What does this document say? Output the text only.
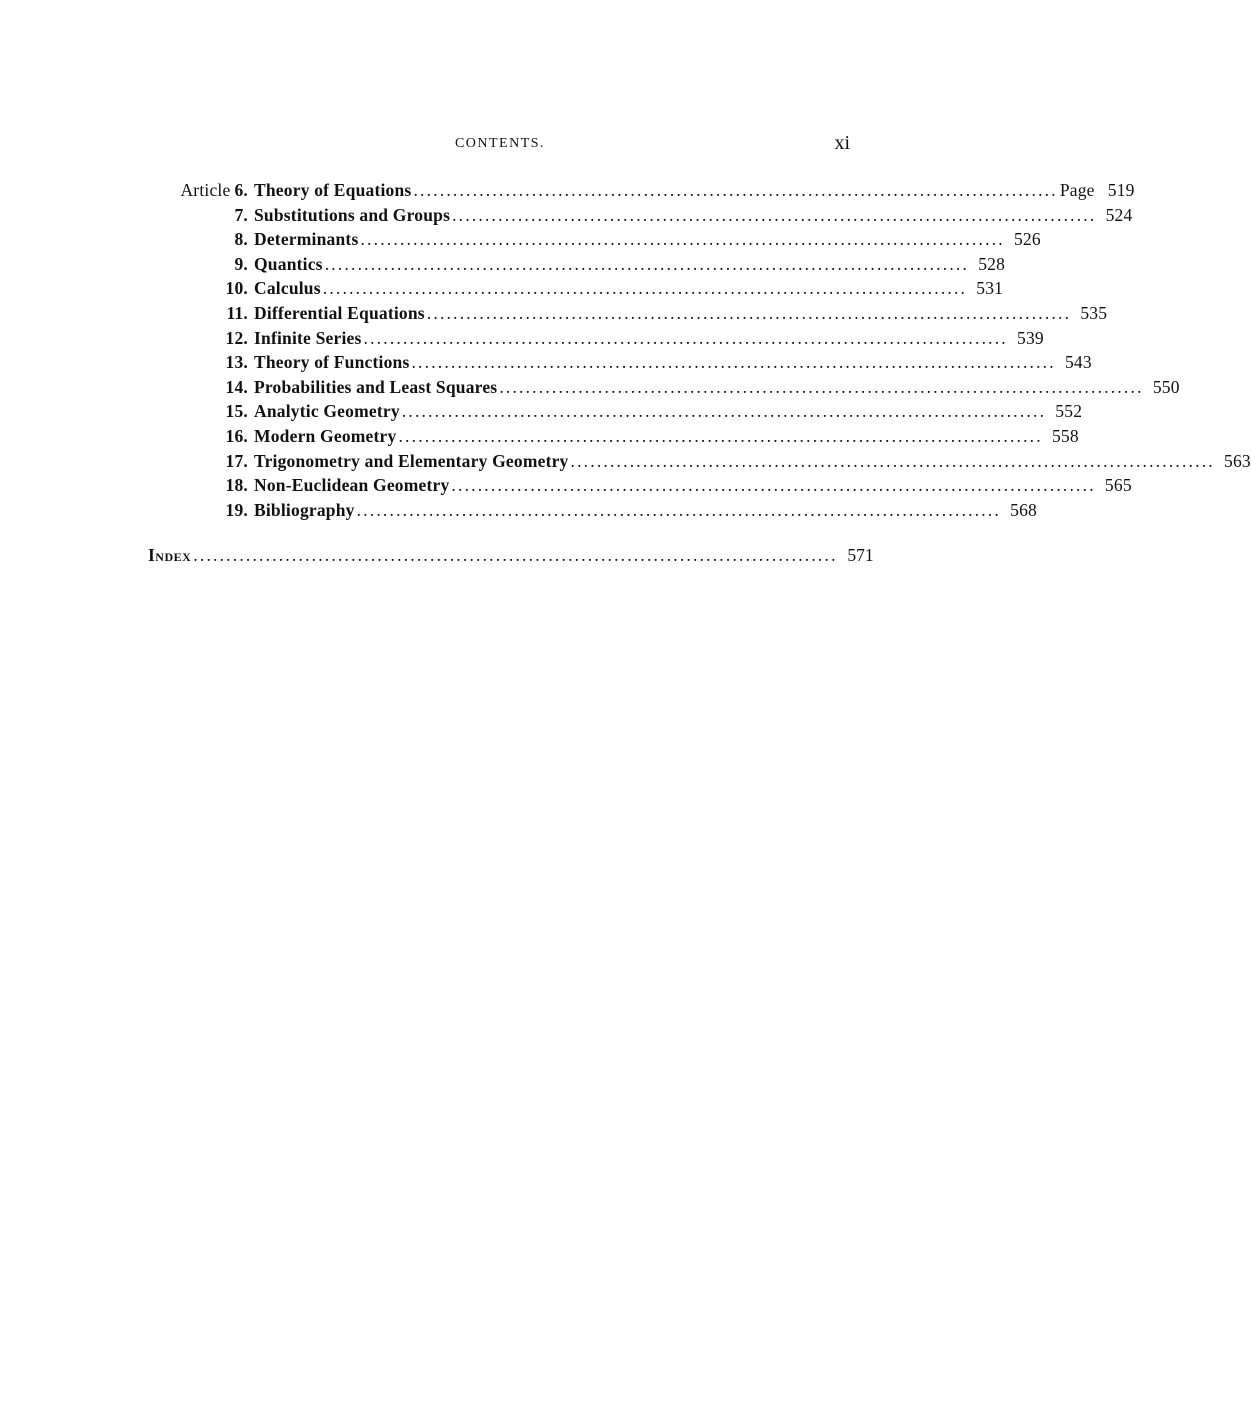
CONTENTS.	xi
Article 6. Theory of Equations .................................................................................................. Page 519
7. Substitutions and Groups .................................................................................................. 524
8. Determinants .................................................................................................. 526
9. Quantics .................................................................................................. 528
10. Calculus .................................................................................................. 531
11. Differential Equations .................................................................................................. 535
12. Infinite Series .................................................................................................. 539
13. Theory of Functions .................................................................................................. 543
14. Probabilities and Least Squares .................................................................................................. 550
15. Analytic Geometry .................................................................................................. 552
16. Modern Geometry .................................................................................................. 558
17. Trigonometry and Elementary Geometry .................................................................................................. 563
18. Non-Euclidean Geometry .................................................................................................. 565
19. Bibliography .................................................................................................. 568
Index .................................................................................................. 571
